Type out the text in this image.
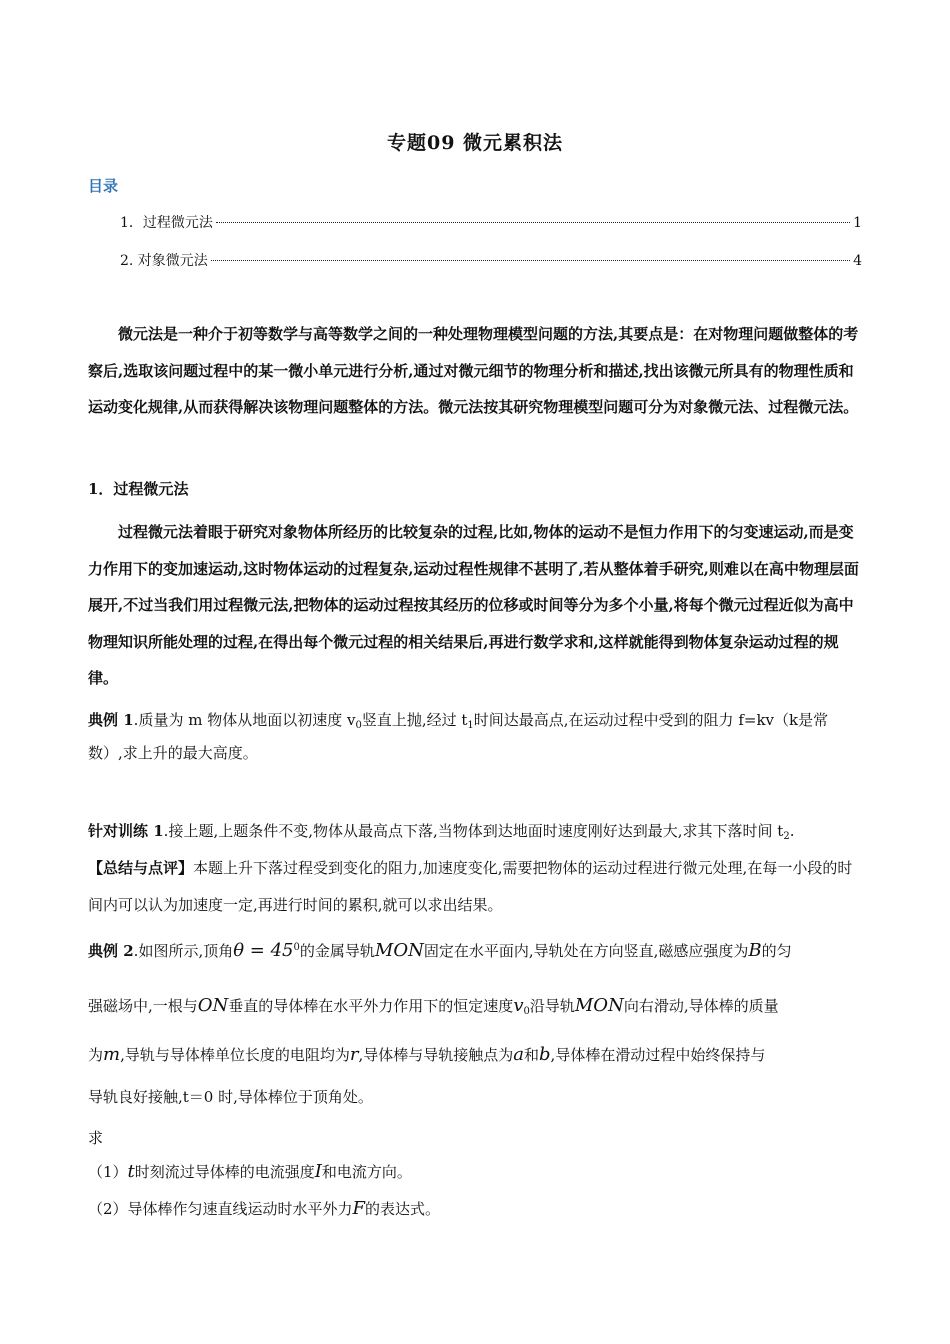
专题09 微元累积法
目录
1．过程微元法	1
2. 对象微元法	4
微元法是一种介于初等数学与高等数学之间的一种处理物理模型问题的方法,其要点是：在对物理问题做整体的考察后,选取该问题过程中的某一微小单元进行分析,通过对微元细节的物理分析和描述,找出该微元所具有的物理性质和运动变化规律,从而获得解决该物理问题整体的方法。微元法按其研究物理模型问题可分为对象微元法、过程微元法。
1．过程微元法
过程微元法着眼于研究对象物体所经历的比较复杂的过程,比如,物体的运动不是恒力作用下的匀变速运动,而是变力作用下的变加速运动,这时物体运动的过程复杂,运动过程性规律不甚明了,若从整体着手研究,则难以在高中物理层面展开,不过当我们用过程微元法,把物体的运动过程按其经历的位移或时间等分为多个小量,将每个微元过程近似为高中物理知识所能处理的过程,在得出每个微元过程的相关结果后,再进行数学求和,这样就能得到物体复杂运动过程的规律。
典例 1.质量为 m 物体从地面以初速度 $v_0$竖直上抛,经过 $t_1$时间达最高点,在运动过程中受到的阻力 f=kv（k是常数）,求上升的最大高度。
针对训练 1.接上题,上题条件不变,物体从最高点下落,当物体到达地面时速度刚好达到最大,求其下落时间 $t_2$.
【总结与点评】本题上升下落过程受到变化的阻力,加速度变化,需要把物体的运动过程进行微元处理,在每一小段的时间内可以认为加速度一定,再进行时间的累积,就可以求出结果。
典例 2.如图所示,顶角$\theta = 45^0$的金属导轨MON固定在水平面内,导轨处在方向竖直,磁感应强度为B的匀
强磁场中,一根与ON垂直的导体棒在水平外力作用下的恒定速度$v_0$沿导轨MON向右滑动,导体棒的质量
为m,导轨与导体棒单位长度的电阻均为r,导体棒与导轨接触点为a和b,导体棒在滑动过程中始终保持与
导轨良好接触,t＝0 时,导体棒位于顶角处。
求
（1）t时刻流过导体棒的电流强度I和电流方向。
（2）导体棒作匀速直线运动时水平外力F的表达式。
